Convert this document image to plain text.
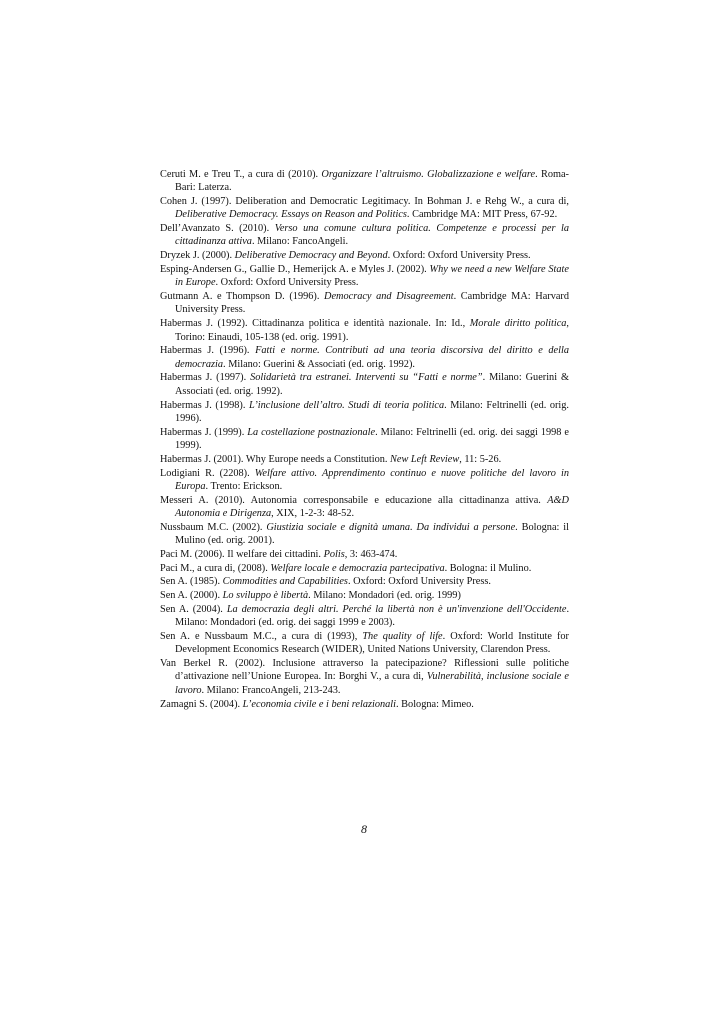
Ceruti M. e Treu T., a cura di (2010). Organizzare l’altruismo. Globalizzazione e welfare. Roma-Bari: Laterza.

Cohen J. (1997). Deliberation and Democratic Legitimacy. In Bohman J. e Rehg W., a cura di, Deliberative Democracy. Essays on Reason and Politics. Cambridge MA: MIT Press, 67-92.

Dell’Avanzato S. (2010). Verso una comune cultura politica. Competenze e processi per la cittadinanza attiva. Milano: FancoAngeli.

Dryzek J. (2000). Deliberative Democracy and Beyond. Oxford: Oxford University Press.

Esping-Andersen G., Gallie D., Hemerijck A. e Myles J. (2002). Why we need a new Welfare State in Europe. Oxford: Oxford University Press.

Gutmann A. e Thompson D. (1996). Democracy and Disagreement. Cambridge MA: Harvard University Press.

Habermas J. (1992). Cittadinanza politica e identità nazionale. In: Id., Morale diritto politica, Torino: Einaudi, 105-138 (ed. orig. 1991).

Habermas J. (1996). Fatti e norme. Contributi ad una teoria discorsiva del diritto e della democrazia. Milano: Guerini & Associati (ed. orig. 1992).

Habermas J. (1997). Solidarietà tra estranei. Interventi su “Fatti e norme”. Milano: Guerini & Associati (ed. orig. 1992).

Habermas J. (1998). L’inclusione dell’altro. Studi di teoria politica. Milano: Feltrinelli (ed. orig. 1996).

Habermas J. (1999). La costellazione postnazionale. Milano: Feltrinelli (ed. orig. dei saggi 1998 e 1999).

Habermas J. (2001). Why Europe needs a Constitution. New Left Review, 11: 5-26.

Lodigiani R. (2208). Welfare attivo. Apprendimento continuo e nuove politiche del lavoro in Europa. Trento: Erickson.

Messeri A. (2010). Autonomia corresponsabile e educazione alla cittadinanza attiva. A&D Autonomia e Dirigenza, XIX, 1-2-3: 48-52.

Nussbaum M.C. (2002). Giustizia sociale e dignità umana. Da individui a persone. Bologna: il Mulino (ed. orig. 2001).

Paci M. (2006). Il welfare dei cittadini. Polis, 3: 463-474.

Paci M., a cura di, (2008). Welfare locale e democrazia partecipativa. Bologna: il Mulino.

Sen A. (1985). Commodities and Capabilities. Oxford: Oxford University Press.

Sen A. (2000). Lo sviluppo è libertà. Milano: Mondadori (ed. orig. 1999)

Sen A. (2004). La democrazia degli altri. Perché la libertà non è un'invenzione dell'Occidente. Milano: Mondadori (ed. orig. dei saggi 1999 e 2003).

Sen A. e Nussbaum M.C., a cura di (1993), The quality of life. Oxford: World Institute for Development Economics Research (WIDER), United Nations University, Clarendon Press.

Van Berkel R. (2002). Inclusione attraverso la patecipazione? Riflessioni sulle politiche d’attivazione nell’Unione Europea. In: Borghi V., a cura di, Vulnerabilità, inclusione sociale e lavoro. Milano: FrancoAngeli, 213-243.

Zamagni S. (2004). L’economia civile e i beni relazionali. Bologna: Mimeo.

8
